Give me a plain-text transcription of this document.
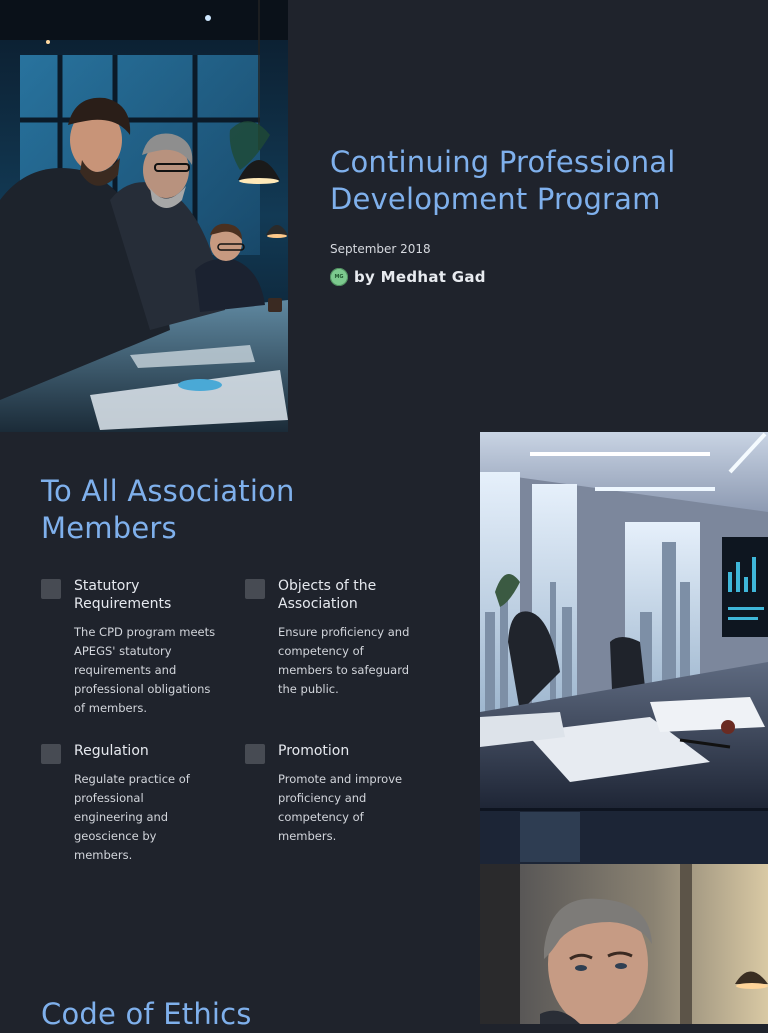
Continuing Professional Development Program
September 2018
MG by Medhat Gad
To All Association Members
Statutory Requirements
The CPD program meets APEGS' statutory requirements and professional obligations of members.
Objects of the Association
Ensure proficiency and competency of members to safeguard the public.
Regulation
Regulate practice of professional engineering and geoscience by members.
Promotion
Promote and improve proficiency and competency of members.
Code of Ethics
